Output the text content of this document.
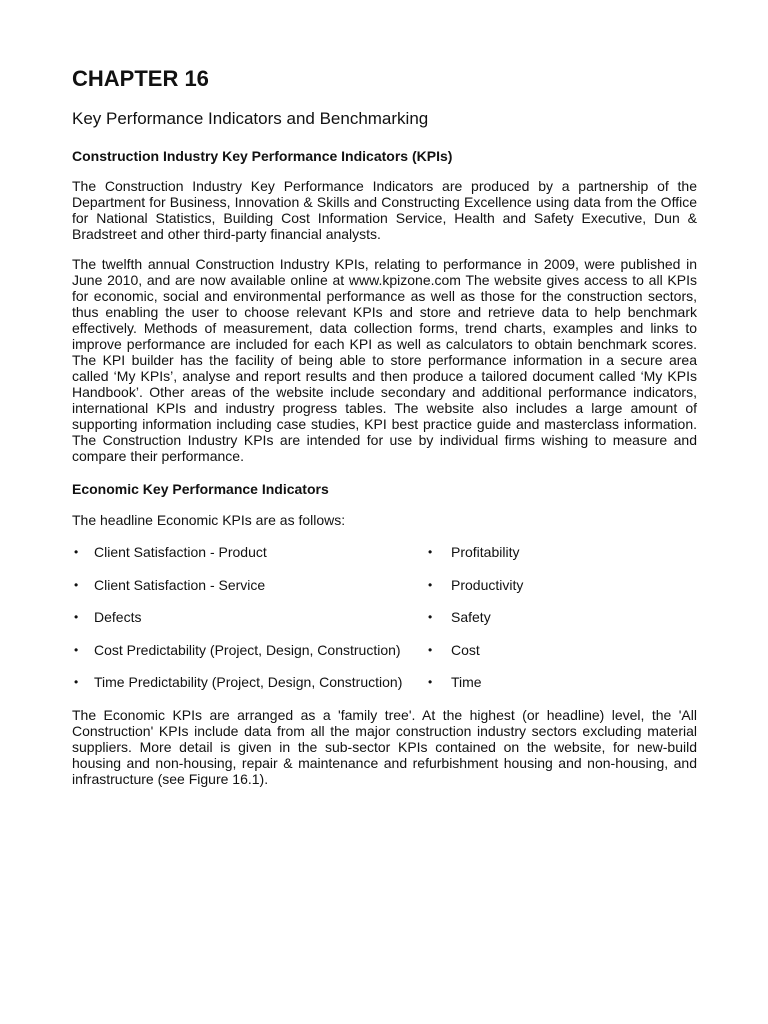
CHAPTER 16
Key Performance Indicators and Benchmarking
Construction Industry Key Performance Indicators (KPIs)
The Construction Industry Key Performance Indicators are produced by a partnership of the
Department for Business, Innovation & Skills and Constructing Excellence using data from the Office
for National Statistics, Building Cost Information Service, Health and Safety Executive, Dun &
Bradstreet and other third-party financial analysts.
The twelfth annual Construction Industry KPIs, relating to performance in 2009, were published in
June 2010, and are now available online at www.kpizone.com The website gives access to all KPIs
for economic, social and environmental performance as well as those for the construction sectors,
thus enabling the user to choose relevant KPIs and store and retrieve data to help benchmark
effectively. Methods of measurement, data collection forms, trend charts, examples and links to
improve performance are included for each KPI as well as calculators to obtain benchmark scores.
The KPI builder has the facility of being able to store performance information in a secure area
called ‘My KPIs’, analyse and report results and then produce a tailored document called ‘My KPIs
Handbook’. Other areas of the website include secondary and additional performance indicators,
international KPIs and industry progress tables. The website also includes a large amount of
supporting information including case studies, KPI best practice guide and masterclass information.
The Construction Industry KPIs are intended for use by individual firms wishing to measure and
compare their performance.
Economic Key Performance Indicators
The headline Economic KPIs are as follows:
• Client Satisfaction - Product
• Client Satisfaction - Service
• Defects
• Cost Predictability (Project, Design, Construction)
• Time Predictability (Project, Design, Construction)
• Profitability
• Productivity
• Safety
• Cost
• Time
The Economic KPIs are arranged as a 'family tree'. At the highest (or headline) level, the 'All
Construction' KPIs include data from all the major construction industry sectors excluding material
suppliers. More detail is given in the sub-sector KPIs contained on the website, for new-build
housing and non-housing, repair & maintenance and refurbishment housing and non-housing, and
infrastructure (see Figure 16.1).
